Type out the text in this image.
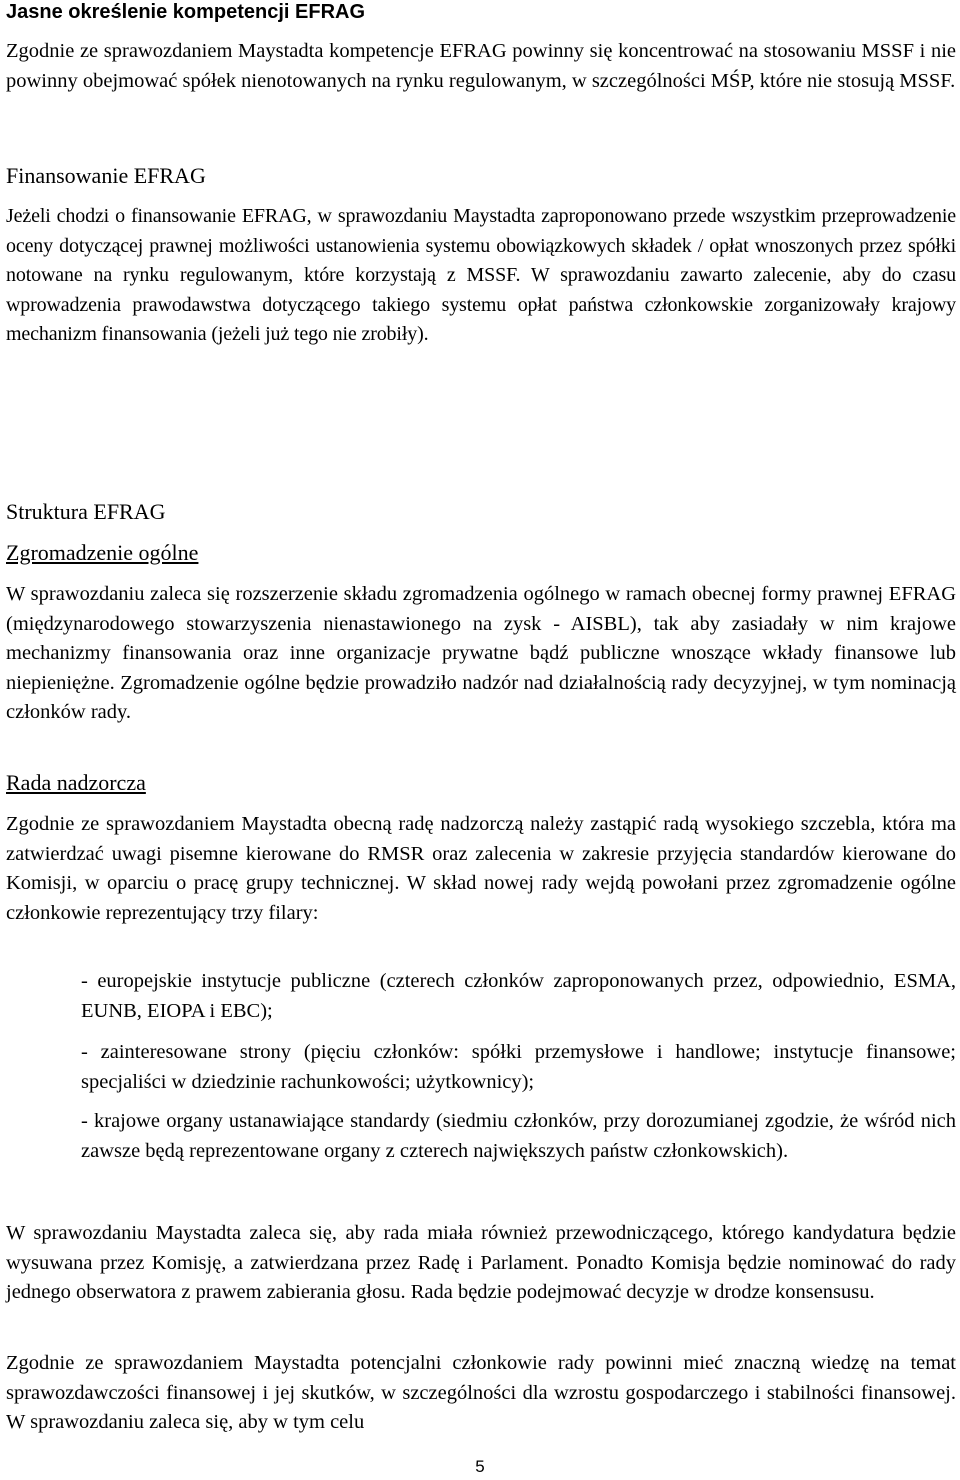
Jasne określenie kompetencji EFRAG

Zgodnie ze sprawozdaniem Maystadta kompetencje EFRAG powinny się koncentrować na stosowaniu MSSF i nie powinny obejmować spółek nienotowanych na rynku regulowanym, w szczególności MŚP, które nie stosują MSSF.

Finansowanie EFRAG

Jeżeli chodzi o finansowanie EFRAG, w sprawozdaniu Maystadta zaproponowano przede wszystkim przeprowadzenie oceny dotyczącej prawnej możliwości ustanowienia systemu obowiązkowych składek / opłat wnoszonych przez spółki notowane na rynku regulowanym, które korzystają z MSSF. W sprawozdaniu zawarto zalecenie, aby do czasu wprowadzenia prawodawstwa dotyczącego takiego systemu opłat państwa członkowskie zorganizowały krajowy mechanizm finansowania (jeżeli już tego nie zrobiły).

Struktura EFRAG
Zgromadzenie ogólne

W sprawozdaniu zaleca się rozszerzenie składu zgromadzenia ogólnego w ramach obecnej formy prawnej EFRAG (międzynarodowego stowarzyszenia nienastawionego na zysk - AISBL), tak aby zasiadały w nim krajowe mechanizmy finansowania oraz inne organizacje prywatne bądź publiczne wnoszące wkłady finansowe lub niepieniężne. Zgromadzenie ogólne będzie prowadziło nadzór nad działalnością rady decyzyjnej, w tym nominacją członków rady.

Rada nadzorcza

Zgodnie ze sprawozdaniem Maystadta obecną radę nadzorczą należy zastąpić radą wysokiego szczebla, która ma zatwierdzać uwagi pisemne kierowane do RMSR oraz zalecenia w zakresie przyjęcia standardów kierowane do Komisji, w oparciu o pracę grupy technicznej. W skład nowej rady wejdą powołani przez zgromadzenie ogólne członkowie reprezentujący trzy filary:

- europejskie instytucje publiczne (czterech członków zaproponowanych przez, odpowiednio, ESMA, EUNB, EIOPA i EBC);

- zainteresowane strony (pięciu członków: spółki przemysłowe i handlowe; instytucje finansowe; specjaliści w dziedzinie rachunkowości; użytkownicy);

- krajowe organy ustanawiające standardy (siedmiu członków, przy dorozumianej zgodzie, że wśród nich zawsze będą reprezentowane organy z czterech największych państw członkowskich).

W sprawozdaniu Maystadta zaleca się, aby rada miała również przewodniczącego, którego kandydatura będzie wysuwana przez Komisję, a zatwierdzana przez Radę i Parlament. Ponadto Komisja będzie nominować do rady jednego obserwatora z prawem zabierania głosu. Rada będzie podejmować decyzje w drodze konsensusu.

Zgodnie ze sprawozdaniem Maystadta potencjalni członkowie rady powinni mieć znaczną wiedzę na temat sprawozdawczości finansowej i jej skutków, w szczególności dla wzrostu gospodarczego i stabilności finansowej. W sprawozdaniu zaleca się, aby w tym celu

5
